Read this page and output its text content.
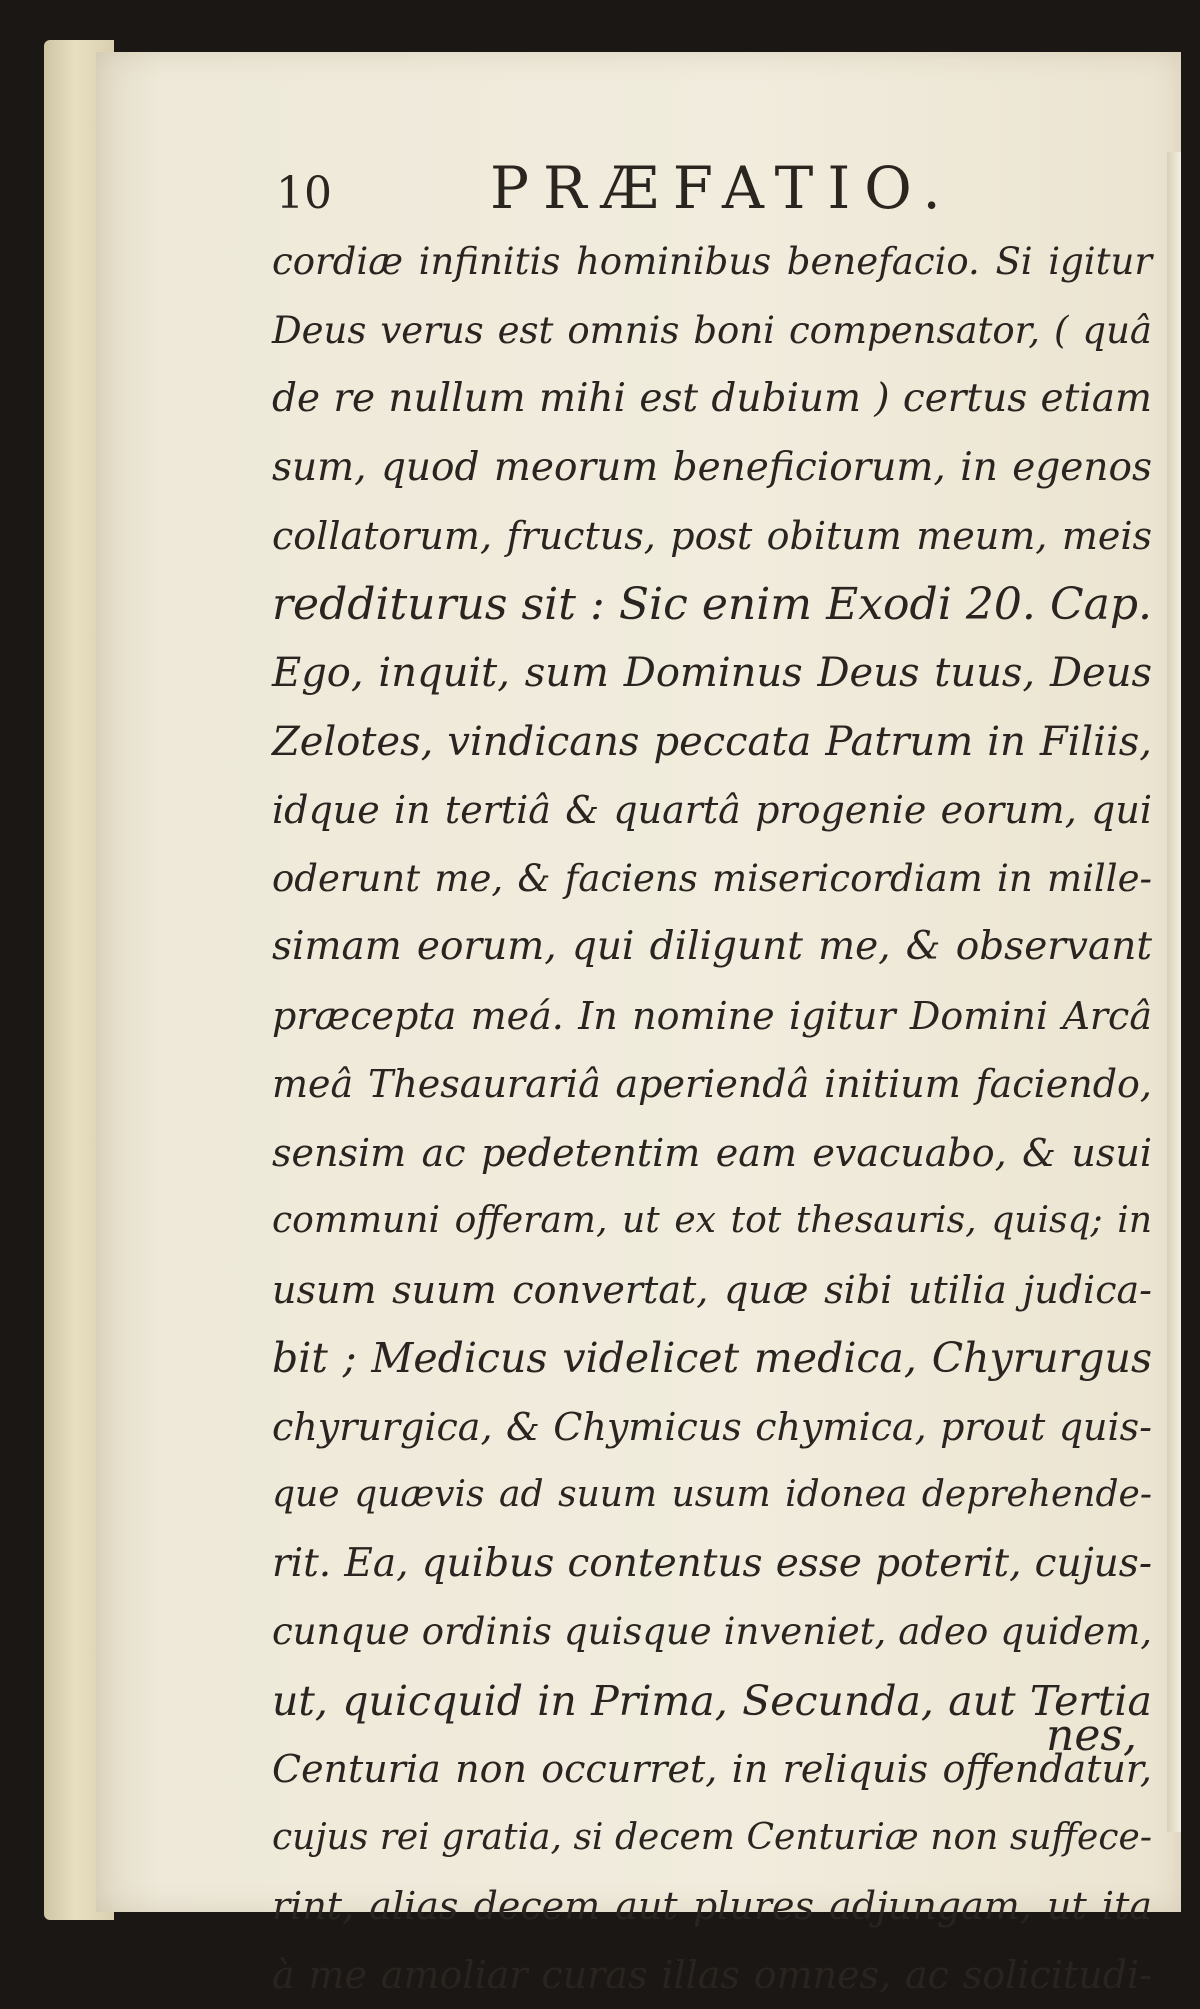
10	PRÆFATIO.
cordiæ infinitis hominibus benefacio. Si igitur
Deus verus est omnis boni compensator, ( quâ
de re nullum mihi est dubium ) certus etiam
sum, quod meorum beneficiorum, in egenos
collatorum, fructus, post obitum meum, meis
redditurus sit : Sic enim Exodi 20. Cap.
Ego, inquit, sum Dominus Deus tuus, Deus
Zelotes, vindicans peccata Patrum in Filiis,
idque in tertiâ & quartâ progenie eorum, qui
oderunt me, & faciens misericordiam in mille-
simam eorum, qui diligunt me, & observant
præcepta meá. In nomine igitur Domini Arcâ
meâ Thesaurariâ aperiendâ initium faciendo,
sensim ac pedetentim eam evacuabo, & usui
communi offeram, ut ex tot thesauris, quisq; in
usum suum convertat, quæ sibi utilia judica-
bit ; Medicus videlicet medica, Chyrurgus
chyrurgica, & Chymicus chymica, prout quis-
que quævis ad suum usum idonea deprehende-
rit. Ea, quibus contentus esse poterit, cujus-
cunque ordinis quisque inveniet, adeo quidem,
ut, quicquid in Prima, Secunda, aut Tertia
Centuria non occurret, in reliquis offendatur,
cujus rei gratia, si decem Centuriæ non suffece-
rint, alias decem aut plures adjungam, ut ita
à me amoliar curas illas omnes, ac solicitudi-
nes,
